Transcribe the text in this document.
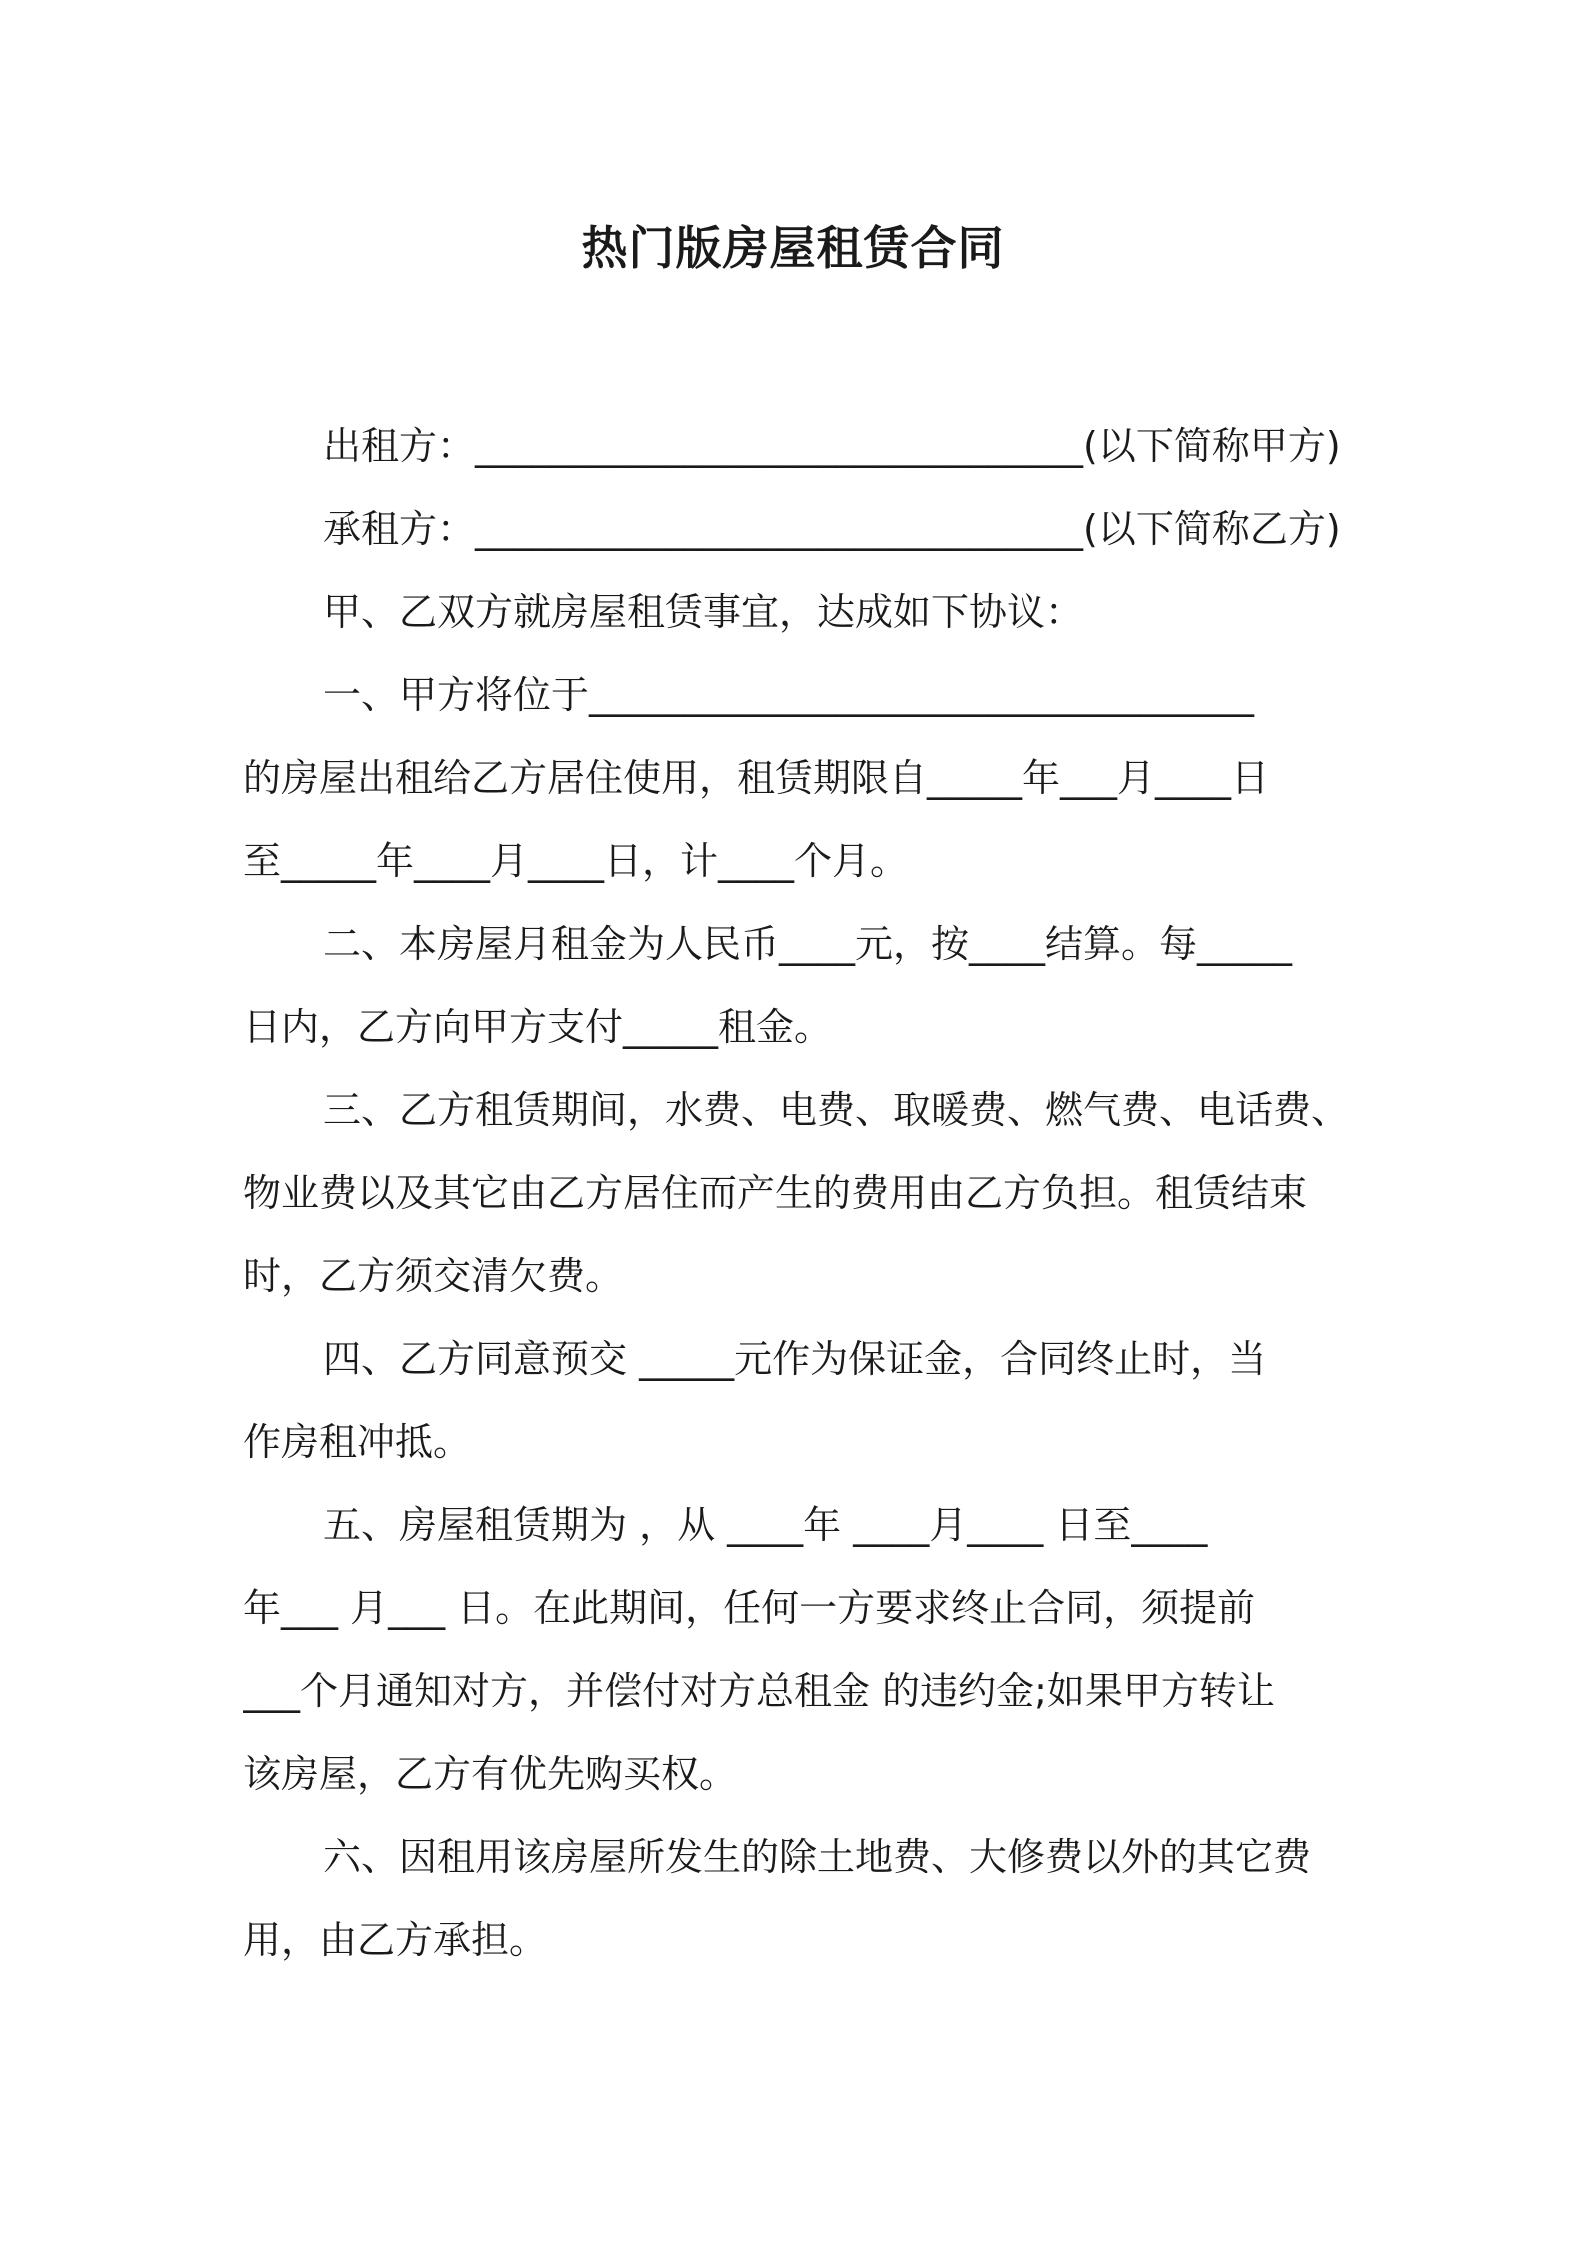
热门版房屋租赁合同
出租方：________________________________(以下简称甲方)
承租方：________________________________(以下简称乙方)
甲、乙双方就房屋租赁事宜，达成如下协议：
一、甲方将位于___________________________________
的房屋出租给乙方居住使用，租赁期限自_____年___月____日
至_____年____月____日，计____个月。
二、本房屋月租金为人民币____元，按____结算。每_____
日内，乙方向甲方支付_____租金。
三、乙方租赁期间，水费、电费、取暖费、燃气费、电话费、
物业费以及其它由乙方居住而产生的费用由乙方负担。租赁结束
时，乙方须交清欠费。
四、乙方同意预交 _____元作为保证金，合同终止时，当
作房租冲抵。
五、房屋租赁期为 ，从 ____年 ____月____ 日至____
年___ 月___ 日。在此期间，任何一方要求终止合同，须提前
___个月通知对方，并偿付对方总租金 的违约金;如果甲方转让
该房屋，乙方有优先购买权。
六、因租用该房屋所发生的除土地费、大修费以外的其它费
用，由乙方承担。
